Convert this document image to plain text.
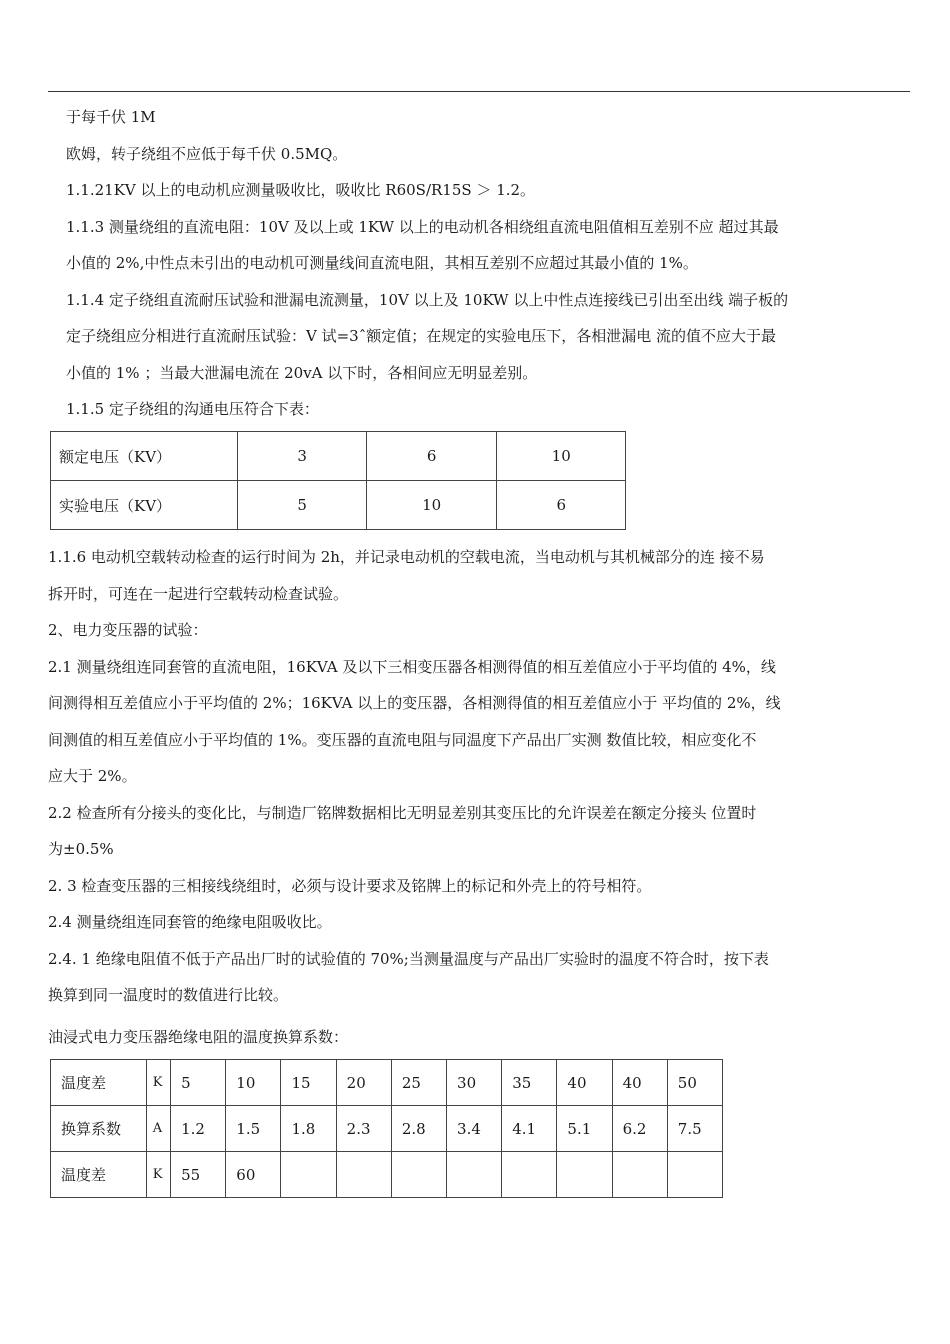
于每千伏 1M
欧姆，转子绕组不应低于每千伏 0.5MQ。
1.1.21KV 以上的电动机应测量吸收比，吸收比 R60S/R15S ＞ 1.2。
1.1.3 测量绕组的直流电阻：10V 及以上或 1KW 以上的电动机各相绕组直流电阻值相互差别不应 超过其最
小值的 2%,中性点未引出的电动机可测量线间直流电阻，其相互差别不应超过其最小值的 1%。
1.1.4 定子绕组直流耐压试验和泄漏电流测量，10V 以上及 10KW 以上中性点连接线已引出至出线 端子板的
定子绕组应分相进行直流耐压试验：V 试=3ˆ额定值；在规定的实验电压下，各相泄漏电 流的值不应大于最
小值的 1% ；当最大泄漏电流在 20vA 以下时，各相间应无明显差别。
1.1.5 定子绕组的沟通电压符合下表：
额定电压（KV）	3	6	10
实验电压（KV）	5	10	6
1.1.6 电动机空载转动检查的运行时间为 2h，并记录电动机的空载电流，当电动机与其机械部分的连 接不易
拆开时，可连在一起进行空载转动检查试验。
2、电力变压器的试验：
2.1 测量绕组连同套管的直流电阻，16KVA 及以下三相变压器各相测得值的相互差值应小于平均值的 4%，线
间测得相互差值应小于平均值的 2%；16KVA 以上的变压器，各相测得值的相互差值应小于 平均值的 2%，线
间测值的相互差值应小于平均值的 1%。变压器的直流电阻与同温度下产品出厂实测 数值比较，相应变化不
应大于 2%。
2.2 检查所有分接头的变化比，与制造厂铭牌数据相比无明显差别其变压比的允许误差在额定分接头 位置时
为±0.5%
2. 3 检查变压器的三相接线绕组时，必须与设计要求及铭牌上的标记和外壳上的符号相符。
2.4 测量绕组连同套管的绝缘电阻吸收比。
2.4. 1 绝缘电阻值不低于产品出厂时的试验值的 70%;当测量温度与产品出厂实验时的温度不符合时，按下表
换算到同一温度时的数值进行比较。
油浸式电力变压器绝缘电阻的温度换算系数：
温度差	K	5	10	15	20	25	30	35	40	40	50
换算系数	A	1.2	1.5	1.8	2.3	2.8	3.4	4.1	5.1	6.2	7.5
温度差	K	55	60								
